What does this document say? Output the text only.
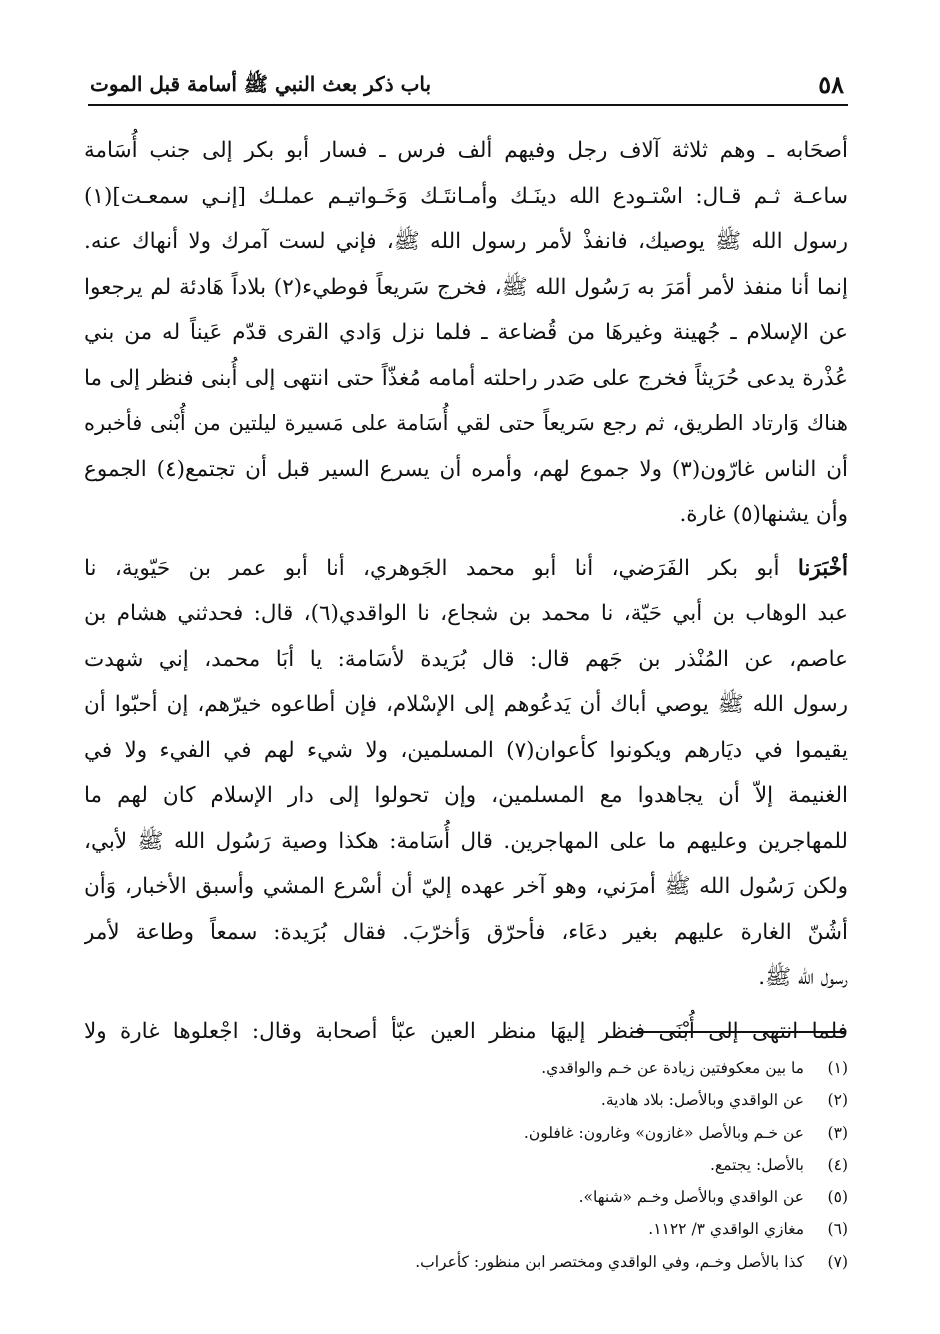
٥٨
باب ذكر بعث النبي ﷺ أسامة قبل الموت
أصحَابه ـ وهم ثلاثة آلاف رجل وفيهم ألف فرس ـ فسار أبو بكر إلى جنب أُسَامة
ساعـة ثـم قـال: اسْتـودع الله دينَـك وأمـانتَـك وَخَـواتيـم عملـك [إنـي سمعـت](١)
رسول الله ﷺ يوصيك، فانفذْ لأمر رسول الله ﷺ، فإني لست آمرك ولا أنهاك عنه.
إنما أنا منفذ لأمر أمَرَ به رَسُول الله ﷺ، فخرج سَريعاً فوطيء(٢) بلاداً هَادئة لم يرجعوا
عن الإسلام ـ جُهينة وغيرهَا من قُضاعة ـ فلما نزل وَادي القرى قدّم عَيناً له من بني
عُذْرة يدعى حُرَيثاً فخرج على صَدر راحلته أمامه مُغذّاً حتى انتهى إلى أُبنى فنظر إلى ما
هناك وَارتاد الطريق، ثم رجع سَريعاً حتى لقي أُسَامة على مَسيرة ليلتين من أُبْنى فأخبره
أن الناس غارّون(٣) ولا جموع لهم، وأمره أن يسرع السير قبل أن تجتمع(٤) الجموع
وأن يشنها(٥) غارة.
أخْبَرَنا أبو بكر الفَرَضي، أنا أبو محمد الجَوهري، أنا أبو عمر بن حَيّوية، نا
عبد الوهاب بن أبي حَيّة، نا محمد بن شجاع، نا الواقدي(٦)، قال: فحدثني هشام بن
عاصم، عن المُنْذر بن جَهم قال: قال بُرَيدة لأسَامة: يا أبَا محمد، إني شهدت
رسول الله ﷺ يوصي أباك أن يَدعُوهم إلى الإسْلام، فإن أطاعوه خيرّهم، إن أحبّوا أن
يقيموا في ديَارهم ويكونوا كأعوان(٧) المسلمين، ولا شيء لهم في الفيء ولا في
الغنيمة إلاّ أن يجاهدوا مع المسلمين، وإن تحولوا إلى دار الإسلام كان لهم ما
للمهاجرين وعليهم ما على المهاجرين. قال أُسَامة: هكذا وصية رَسُول الله ﷺ لأبي،
ولكن رَسُول الله ﷺ أمرَني، وهو آخر عهده إليّ أن أسْرع المشي وأسبق الأخبار، وَأن
أشُنّ الغارة عليهم بغير دعَاء، فأحرّق وَأخرّبَ. فقال بُرَيدة: سمعاً وطاعة لأمر
رسول الله ﷺ.
فلما انتهى إلى أُبْنَى فنظر إليهَا منظر العين عبّأ أصحابة وقال: اجْعلوها غارة ولا
(١)ما بين معكوفتين زيادة عن خـم والواقدي.
(٢)عن الواقدي وبالأصل: بلاد هادية.
(٣)عن خـم وبالأصل «غازون» وغارون: غافلون.
(٤)بالأصل: يجتمع.
(٥)عن الواقدي وبالأصل وخـم «شنها».
(٦)مغازي الواقدي ٣/ ١١٢٢.
(٧)كذا بالأصل وخـم، وفي الواقدي ومختصر ابن منظور: كأعراب.
